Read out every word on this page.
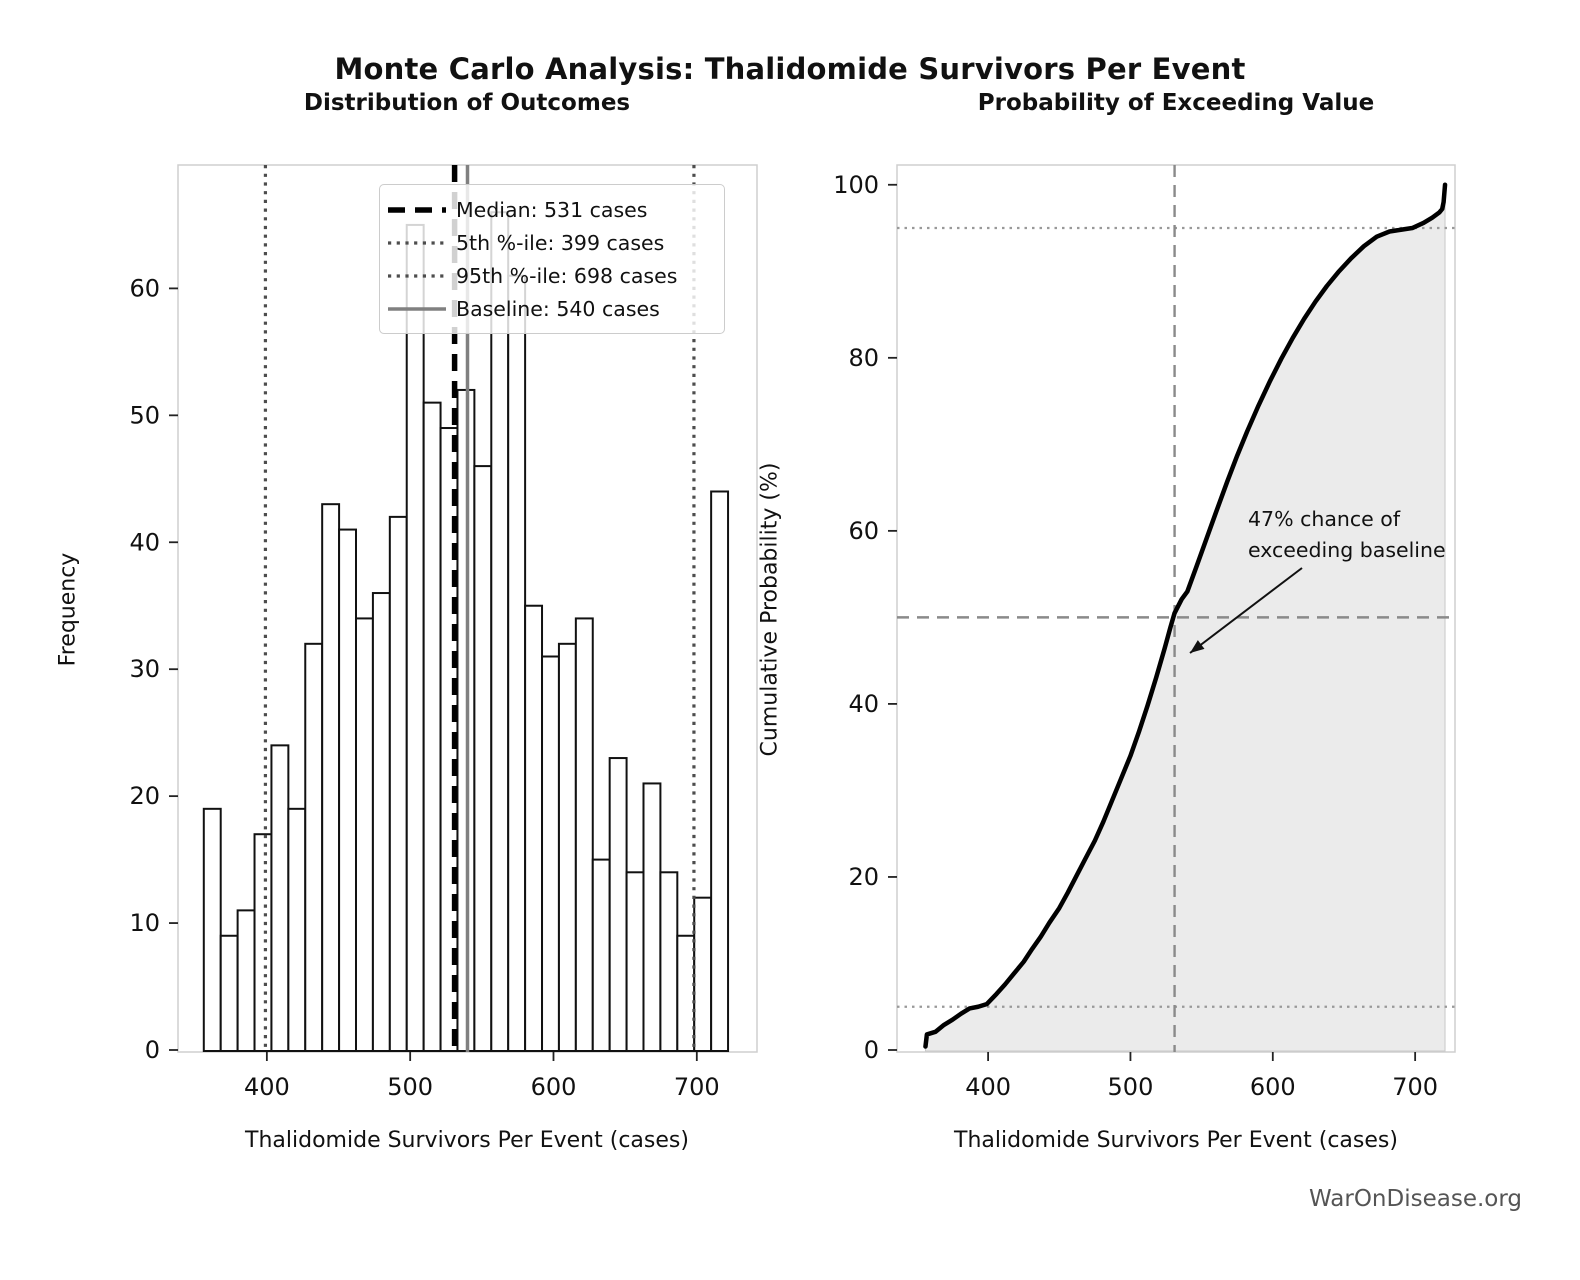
Monte Carlo Analysis: Thalidomide Survivors Per Event
Distribution of Outcomes	Probability of Exceeding Value
400	500	600	700
0
10
20
30
40
50
60
400	500	600	700
0
20
40
60
80
100
Median: 531 cases
5th %-ile: 399 cases
95th %-ile: 698 cases
Baseline: 540 cases
Thalidomide Survivors Per Event (cases)	Thalidomide Survivors Per Event (cases)
Frequency	Cumulative Probability (%)	47% chance of
exceeding baseline
WarOnDisease.org
